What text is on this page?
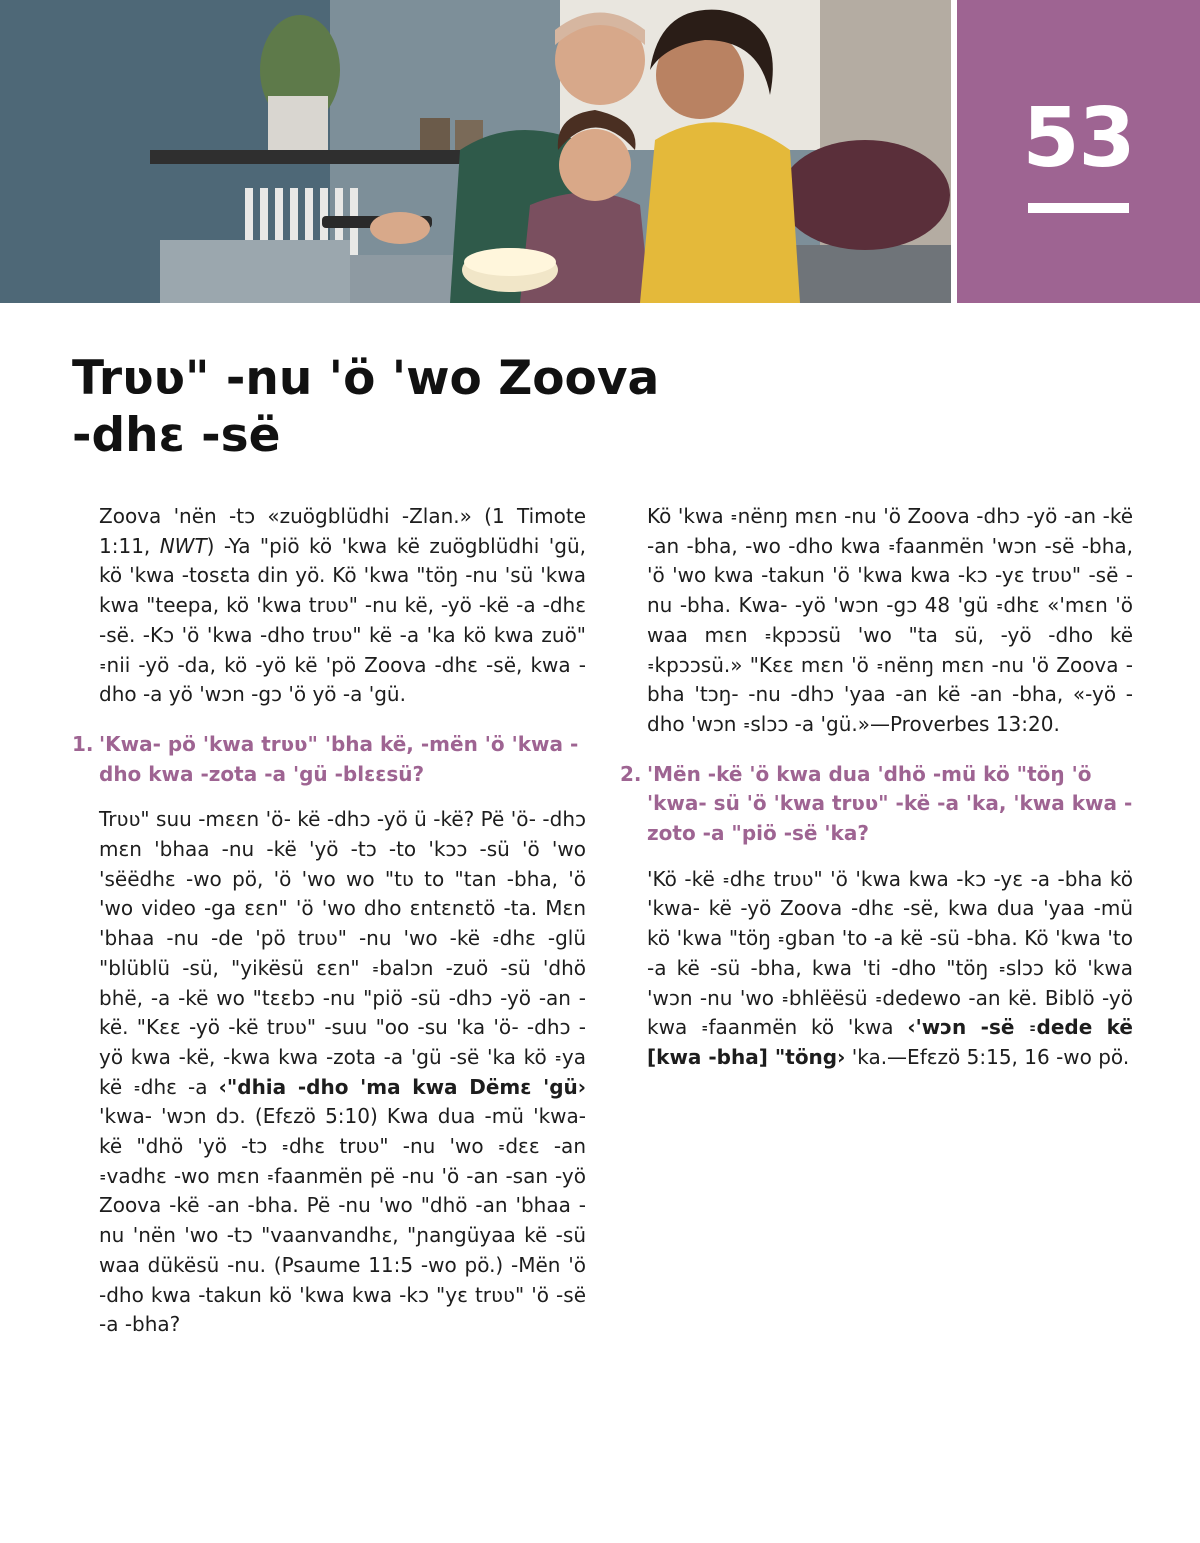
53
Trʋʋ" -nu 'ö 'wo Zoova -dhɛ -së

Zoova 'nën -tɔ «zuögblüdhi -Zlan.» (1 Timote 1:11, NWT) -Ya "piö kö 'kwa kë zuögblüdhi 'gü, kö 'kwa -tosɛta din yö. Kö 'kwa "töŋ -nu 'sü 'kwa kwa "teepa, kö 'kwa trʋʋ" -nu kë, -yö -kë -a -dhɛ -së. -Kɔ 'ö 'kwa -dho trʋʋ" kë -a 'ka kö kwa zuö" ꞊nii -yö -da, kö -yö kë 'pö Zoova -dhɛ -së, kwa -dho -a yö 'wɔn -gɔ 'ö yö -a 'gü.

1. 'Kwa- pö 'kwa trʋʋ" 'bha kë, -mën 'ö 'kwa -dho kwa -zota -a 'gü -blɛɛsü?

Trʋʋ" suu -mɛɛn 'ö- kë -dhɔ -yö ü -kë? Pë 'ö- -dhɔ mɛn 'bhaa -nu -kë 'yö -tɔ -to 'kɔɔ -sü 'ö 'wo 'sëëdhɛ -wo pö, 'ö 'wo wo "tʋ to "tan -bha, 'ö 'wo video -ga ɛɛn" 'ö 'wo dho ɛntɛnɛtö -ta. Mɛn 'bhaa -nu -de 'pö trʋʋ" -nu 'wo -kë ꞊dhɛ -glü "blüblü -sü, "yikësü ɛɛn" ꞊balɔn -zuö -sü 'dhö bhë, -a -kë wo "tɛɛbɔ -nu "piö -sü -dhɔ -yö -an -kë. "Kɛɛ -yö -kë trʋʋ" -suu "oo -su 'ka 'ö- -dhɔ -yö kwa -kë, -kwa kwa -zota -a 'gü -së 'ka kö ꞊ya kë ꞊dhɛ -a ‹"dhia -dho 'ma kwa Dëmɛ 'gü› 'kwa- 'wɔn dɔ. (Efɛzö 5:10) Kwa dua -mü 'kwa- kë "dhö 'yö -tɔ ꞊dhɛ trʋʋ" -nu 'wo ꞊dɛɛ -an ꞊vadhɛ -wo mɛn ꞊faanmën pë -nu 'ö -an -san -yö Zoova -kë -an -bha. Pë -nu 'wo "dhö -an 'bhaa -nu 'nën 'wo -tɔ "vaanvandhɛ, "ɲangüyaa kë -sü waa dükësü -nu. (Psaume 11:5 -wo pö.) -Mën 'ö -dho kwa -takun kö 'kwa kwa -kɔ "yɛ trʋʋ" 'ö -së -a -bha?

Kö 'kwa ꞊nënŋ mɛn -nu 'ö Zoova -dhɔ -yö -an -kë -an -bha, -wo -dho kwa ꞊faanmën 'wɔn -së -bha, 'ö 'wo kwa -takun 'ö 'kwa kwa -kɔ -yɛ trʋʋ" -së -nu -bha. Kwa- -yö 'wɔn -gɔ 48 'gü ꞊dhɛ «'mɛn 'ö waa mɛn ꞊kpɔɔsü 'wo "ta sü, -yö -dho kë ꞊kpɔɔsü.» "Kɛɛ mɛn 'ö ꞊nënŋ mɛn -nu 'ö Zoova -bha 'tɔŋ- -nu -dhɔ 'yaa -an kë -an -bha, «-yö -dho 'wɔn ꞊slɔɔ -a 'gü.»—Proverbes 13:20.

2. 'Mën -kë 'ö kwa dua 'dhö -mü kö "töŋ 'ö 'kwa- sü 'ö 'kwa trʋʋ" -kë -a 'ka, 'kwa kwa -zoto -a "piö -së 'ka?

'Kö -kë ꞊dhɛ trʋʋ" 'ö 'kwa kwa -kɔ -yɛ -a -bha kö 'kwa- kë -yö Zoova -dhɛ -së, kwa dua 'yaa -mü kö 'kwa "töŋ ꞊gban 'to -a kë -sü -bha. Kö 'kwa 'to -a kë -sü -bha, kwa 'ti -dho "töŋ ꞊slɔɔ kö 'kwa 'wɔn -nu 'wo ꞊bhlëësü ꞊dedewo -an kë. Biblö -yö kwa ꞊faanmën kö 'kwa ‹'wɔn -së ꞊dede kë [kwa -bha] "töng› 'ka.—Efɛzö 5:15, 16 -wo pö.
